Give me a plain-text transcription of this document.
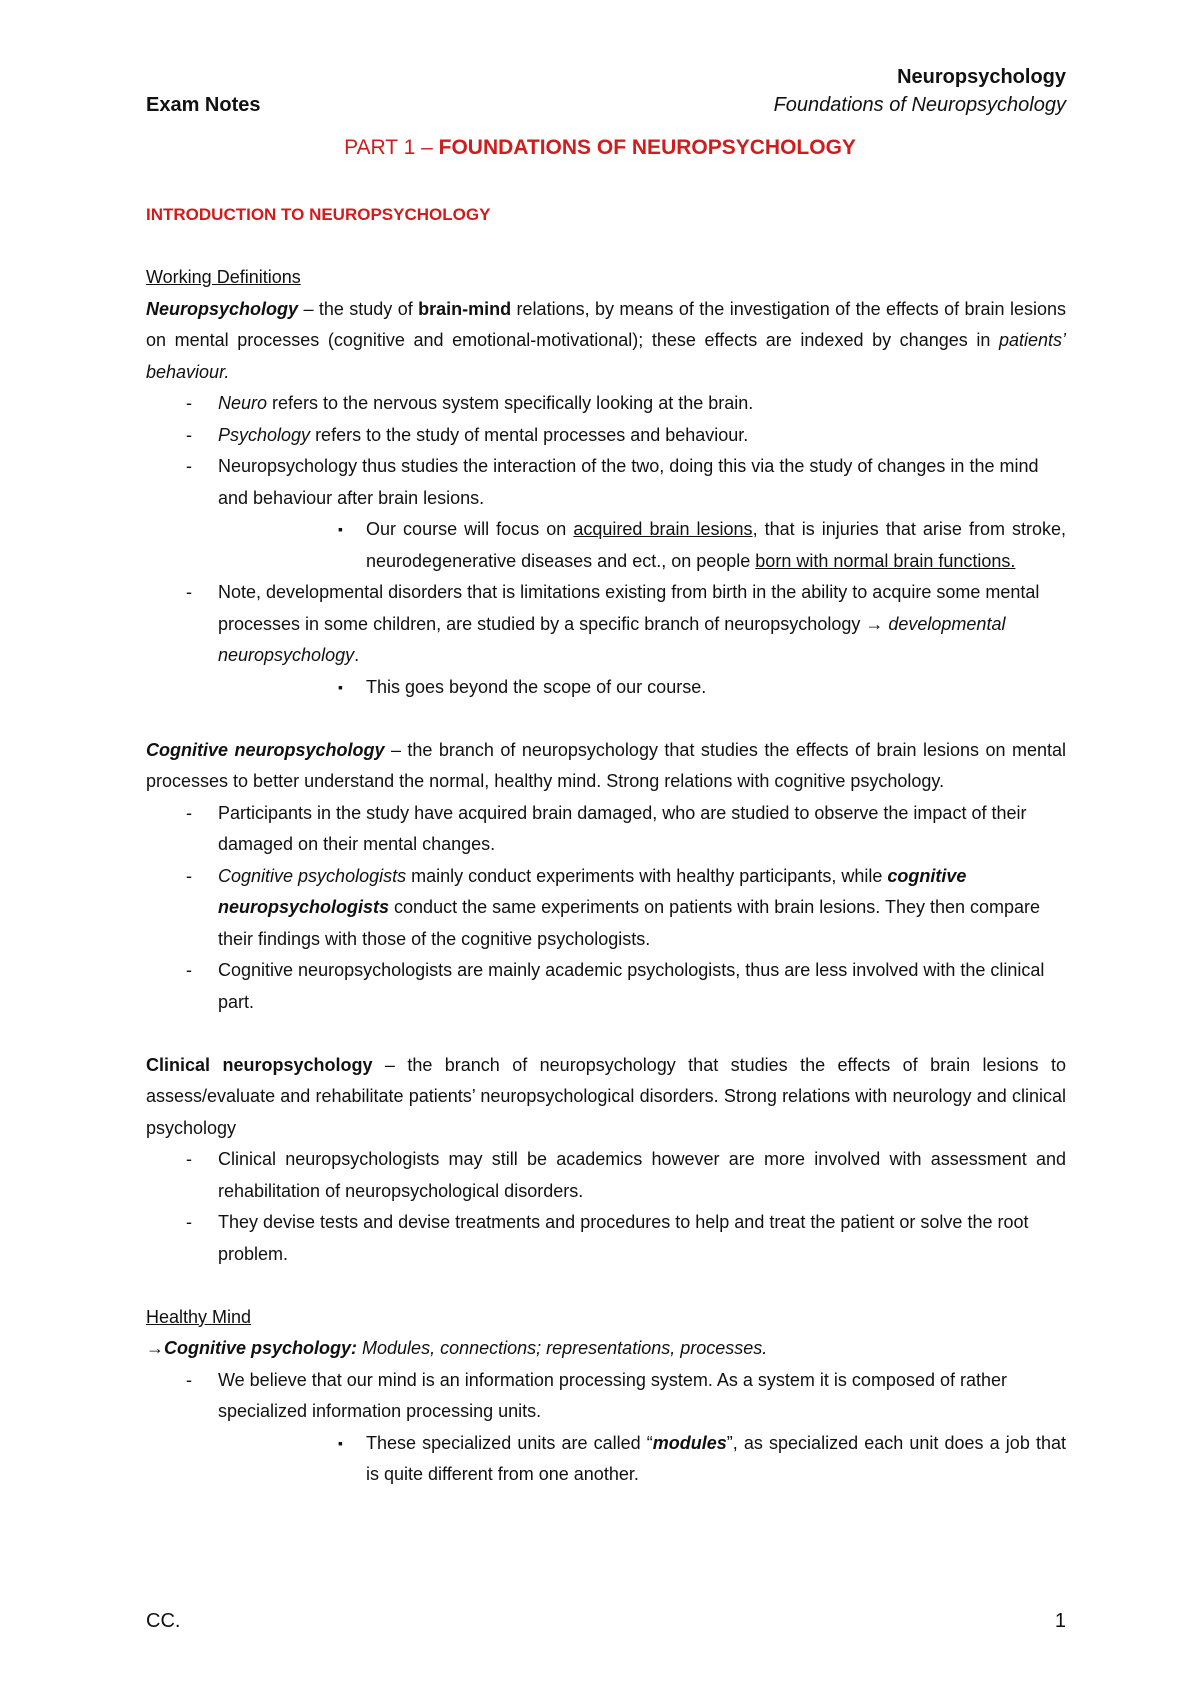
Neuropsychology
Exam Notes	Foundations of Neuropsychology
PART 1 – FOUNDATIONS OF NEUROPSYCHOLOGY
INTRODUCTION TO NEUROPSYCHOLOGY
Working Definitions
Neuropsychology – the study of brain-mind relations, by means of the investigation of the effects of brain lesions on mental processes (cognitive and emotional-motivational); these effects are indexed by changes in patients’ behaviour.
- Neuro refers to the nervous system specifically looking at the brain.
- Psychology refers to the study of mental processes and behaviour.
- Neuropsychology thus studies the interaction of the two, doing this via the study of changes in the mind and behaviour after brain lesions.
▪ Our course will focus on acquired brain lesions, that is injuries that arise from stroke, neurodegenerative diseases and ect., on people born with normal brain functions.
- Note, developmental disorders that is limitations existing from birth in the ability to acquire some mental processes in some children, are studied by a specific branch of neuropsychology → developmental neuropsychology.
▪ This goes beyond the scope of our course.
Cognitive neuropsychology – the branch of neuropsychology that studies the effects of brain lesions on mental processes to better understand the normal, healthy mind. Strong relations with cognitive psychology.
- Participants in the study have acquired brain damaged, who are studied to observe the impact of their damaged on their mental changes.
- Cognitive psychologists mainly conduct experiments with healthy participants, while cognitive neuropsychologists conduct the same experiments on patients with brain lesions. They then compare their findings with those of the cognitive psychologists.
- Cognitive neuropsychologists are mainly academic psychologists, thus are less involved with the clinical part.
Clinical neuropsychology – the branch of neuropsychology that studies the effects of brain lesions to assess/evaluate and rehabilitate patients’ neuropsychological disorders. Strong relations with neurology and clinical psychology
- Clinical neuropsychologists may still be academics however are more involved with assessment and rehabilitation of neuropsychological disorders.
- They devise tests and devise treatments and procedures to help and treat the patient or solve the root problem.
Healthy Mind
→Cognitive psychology: Modules, connections; representations, processes.
- We believe that our mind is an information processing system. As a system it is composed of rather specialized information processing units.
▪ These specialized units are called “modules”, as specialized each unit does a job that is quite different from one another.
CC.	1
